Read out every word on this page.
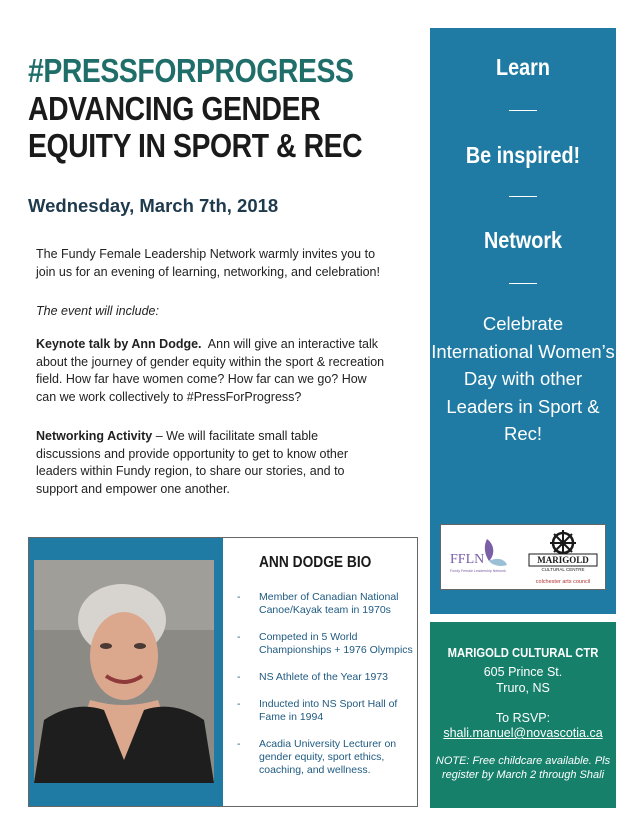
#PRESSFORPROGRESS
ADVANCING GENDER
EQUITY IN SPORT & REC
Wednesday, March 7th, 2018

The Fundy Female Leadership Network warmly invites you to join us for an evening of learning, networking, and celebration!

The event will include:

Keynote talk by Ann Dodge. Ann will give an interactive talk about the journey of gender equity within the sport & recreation field. How far have women come? How far can we go? How can we work collectively to #PressForProgress?

Networking Activity – We will facilitate small table discussions and provide opportunity to get to know other leaders within Fundy region, to share our stories, and to support and empower one another.

Learn
Be inspired!
Network
Celebrate International Women’s Day with other Leaders in Sport & Rec!
FFLN
Fundy Female Leadership Network
MARIGOLD
CULTURAL CENTRE
colchester arts council
ANN DODGE BIO
- Member of Canadian National Canoe/Kayak team in 1970s
- Competed in 5 World Championships + 1976 Olympics
- NS Athlete of the Year 1973
- Inducted into NS Sport Hall of Fame in 1994
- Acadia University Lecturer on gender equity, sport ethics, coaching, and wellness.
MARIGOLD CULTURAL CTR
605 Prince St.
Truro, NS
To RSVP:
shali.manuel@novascotia.ca
NOTE: Free childcare available. Pls register by March 2 through Shali
